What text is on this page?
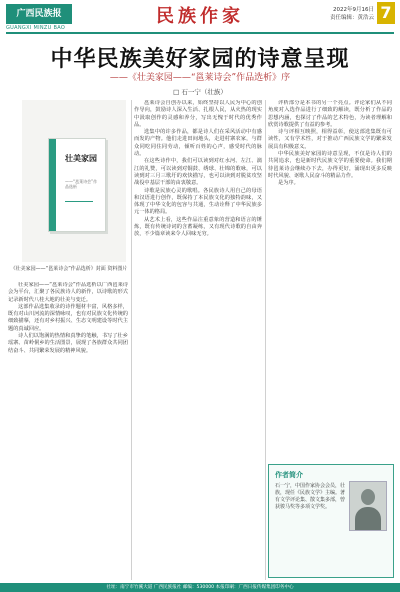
广西民族报
GUANGXI MINZU BAO
民族作家	2022年9月16日
责任编辑：黄浩云 7
中华民族美好家园的诗意呈现
——《壮美家园——“邕莱诗会”作品选析》序
□ 石一宁（壮族）
壮美家园
——“邕莱诗会”作品选析
《壮美家园——“邕莱诗会”作品选析》封面 资料图片

壮美家园——“邕莱诗会”作品选析以广西邕莱诗会为平台，汇聚了各民族诗人的新作，以诗歌的形式记录新时代八桂大地的壮美与变迁。

这部作品选集收录的诗作题材丰富，风格多样，既有对山川河流的深情咏叹，也有对民族文化传统的细致描摹，还有对乡村振兴、生态文明建设等时代主题的真诚回应。

诗人们以饱满的热情和真挚的笔触，书写了壮乡瑶寨、苗岭侗乡的生活图景，展现了各族群众共同团结奋斗、共同繁荣发展的精神风貌。

邕莱诗会自创办以来，始终坚持以人民为中心的创作导向，鼓励诗人深入生活、扎根人民，从火热的现实中汲取创作的灵感和养分，写出无愧于时代的优秀作品。

选集中的许多作品，都是诗人们在采风活动中有感而发的产物。他们走进田间地头，走进村寨农家，与群众同吃同住同劳动，倾听百姓的心声，感受时代的脉动。

在这些诗作中，我们可以读到对红水河、左江、漓江的礼赞，可以读到对铜鼓、绣球、壮锦的歌咏，可以读到对三月三歌圩的欢快描写，也可以读到对脱贫攻坚战役中基层干部的由衷敬意。

诗歌是民族心灵的歌唱。各民族诗人用自己的母语和汉语进行创作，既保持了本民族文化的独特韵味，又体现了中华文化的包容与共通，生动诠释了中华民族多元一体的格局。

从艺术上看，这些作品注重意象的营造和语言的锤炼，既有传统诗词的含蓄凝练，又有现代诗歌的自由奔放，不少篇章读来令人回味无穷。

评析部分是本书的另一个亮点。评论家们从不同角度对入选作品进行了细致的解读，既分析了作品的思想内涵，也探讨了作品的艺术特色，为读者理解和欣赏诗歌提供了有益的参考。

诗与评相互映照，相得益彰，使这部选集既有可读性，又有学术性，对于推动广西民族文学的繁荣发展具有积极意义。

中华民族美好家园的诗意呈现，不仅是诗人们的共同追求，也是新时代民族文学的重要使命。我们期待邕莱诗会继续办下去，办得更好，涌现出更多反映时代风貌、讴歌人民奋斗的精品力作。

是为序。

作者简介
石一宁，中国作家协会会员，壮族，现任《民族文学》主编。著有文学评论集、散文集多部，曾获骏马奖等多项文学奖。
社址：南宁市竹溪大道 广西民族报社 邮编：530000 本报印刷：广西日报传媒集团印务中心
